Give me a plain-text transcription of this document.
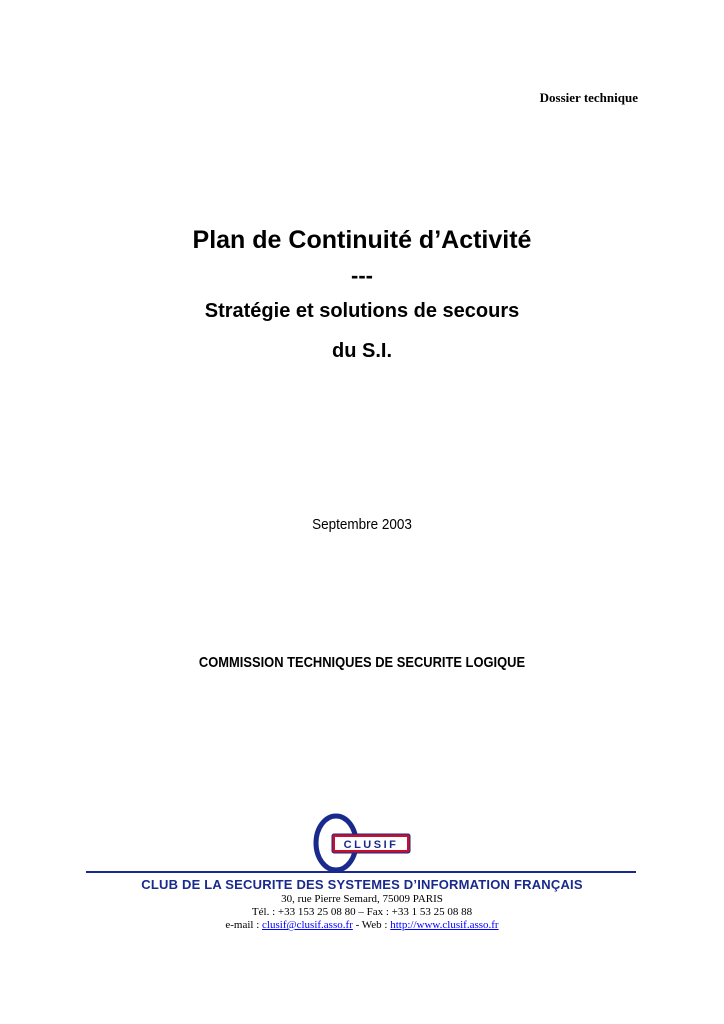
Dossier technique
Plan de Continuité d’Activité
---
Stratégie et solutions de secours
du S.I.
Septembre 2003
COMMISSION TECHNIQUES DE SECURITE LOGIQUE
CLUSIF
CLUB DE LA SECURITE DES SYSTEMES D’INFORMATION FRANÇAIS
30, rue Pierre Semard, 75009 PARIS
Tél. : +33 153 25 08 80 – Fax : +33 1 53 25 08 88
e-mail : clusif@clusif.asso.fr - Web : http://www.clusif.asso.fr
